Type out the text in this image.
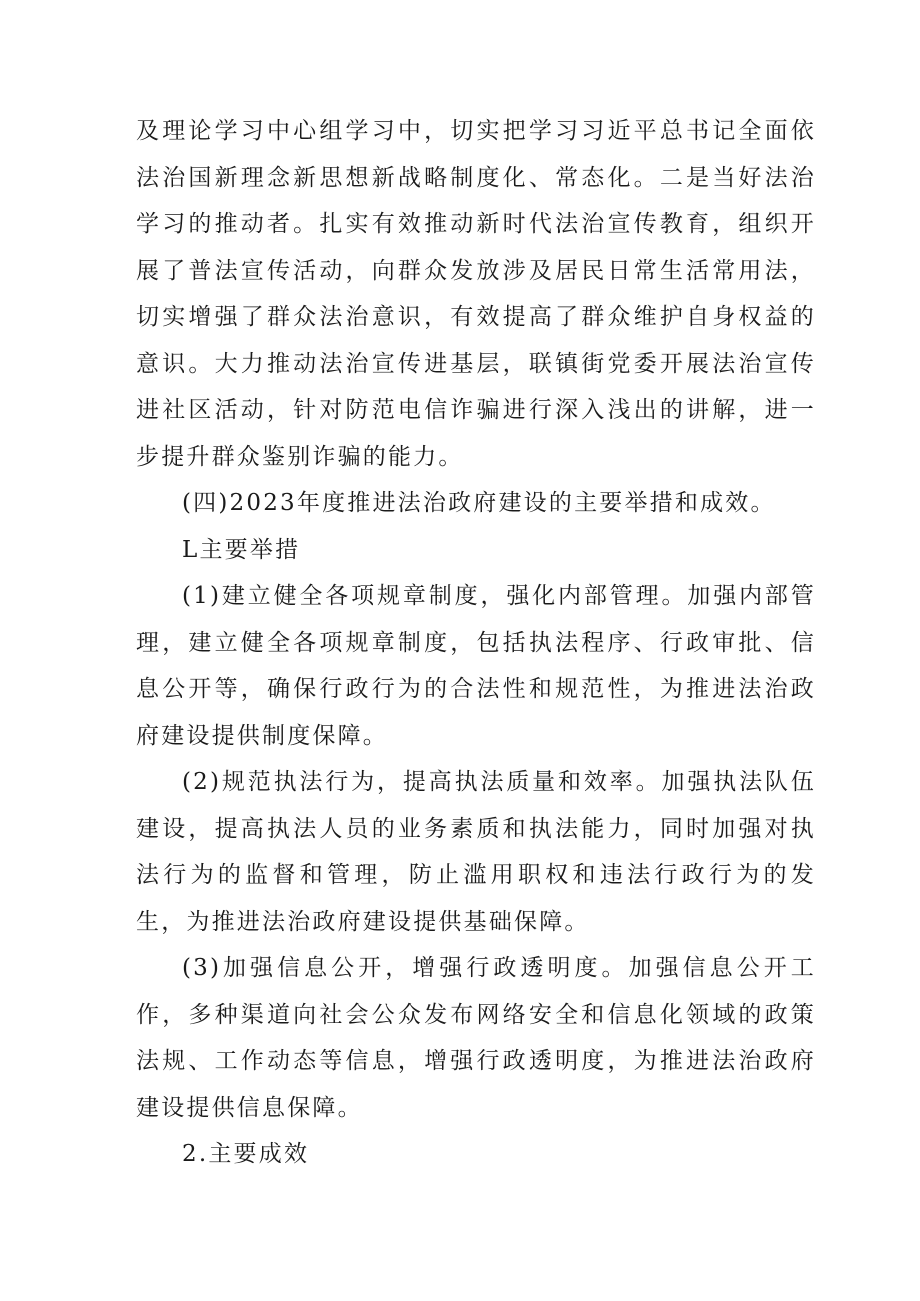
及理论学习中心组学习中，切实把学习习近平总书记全面依法治国新理念新思想新战略制度化、常态化。二是当好法治学习的推动者。扎实有效推动新时代法治宣传教育，组织开展了普法宣传活动，向群众发放涉及居民日常生活常用法，切实增强了群众法治意识，有效提高了群众维护自身权益的意识。大力推动法治宣传进基层，联镇街党委开展法治宣传进社区活动，针对防范电信诈骗进行深入浅出的讲解，进一步提升群众鉴别诈骗的能力。

(四)2023年度推进法治政府建设的主要举措和成效。

L主要举措

(1)建立健全各项规章制度，强化内部管理。加强内部管理，建立健全各项规章制度，包括执法程序、行政审批、信息公开等，确保行政行为的合法性和规范性，为推进法治政府建设提供制度保障。

(2)规范执法行为，提高执法质量和效率。加强执法队伍建设，提高执法人员的业务素质和执法能力，同时加强对执法行为的监督和管理，防止滥用职权和违法行政行为的发生，为推进法治政府建设提供基础保障。

(3)加强信息公开，增强行政透明度。加强信息公开工作，多种渠道向社会公众发布网络安全和信息化领域的政策法规、工作动态等信息，增强行政透明度，为推进法治政府建设提供信息保障。

2.主要成效
